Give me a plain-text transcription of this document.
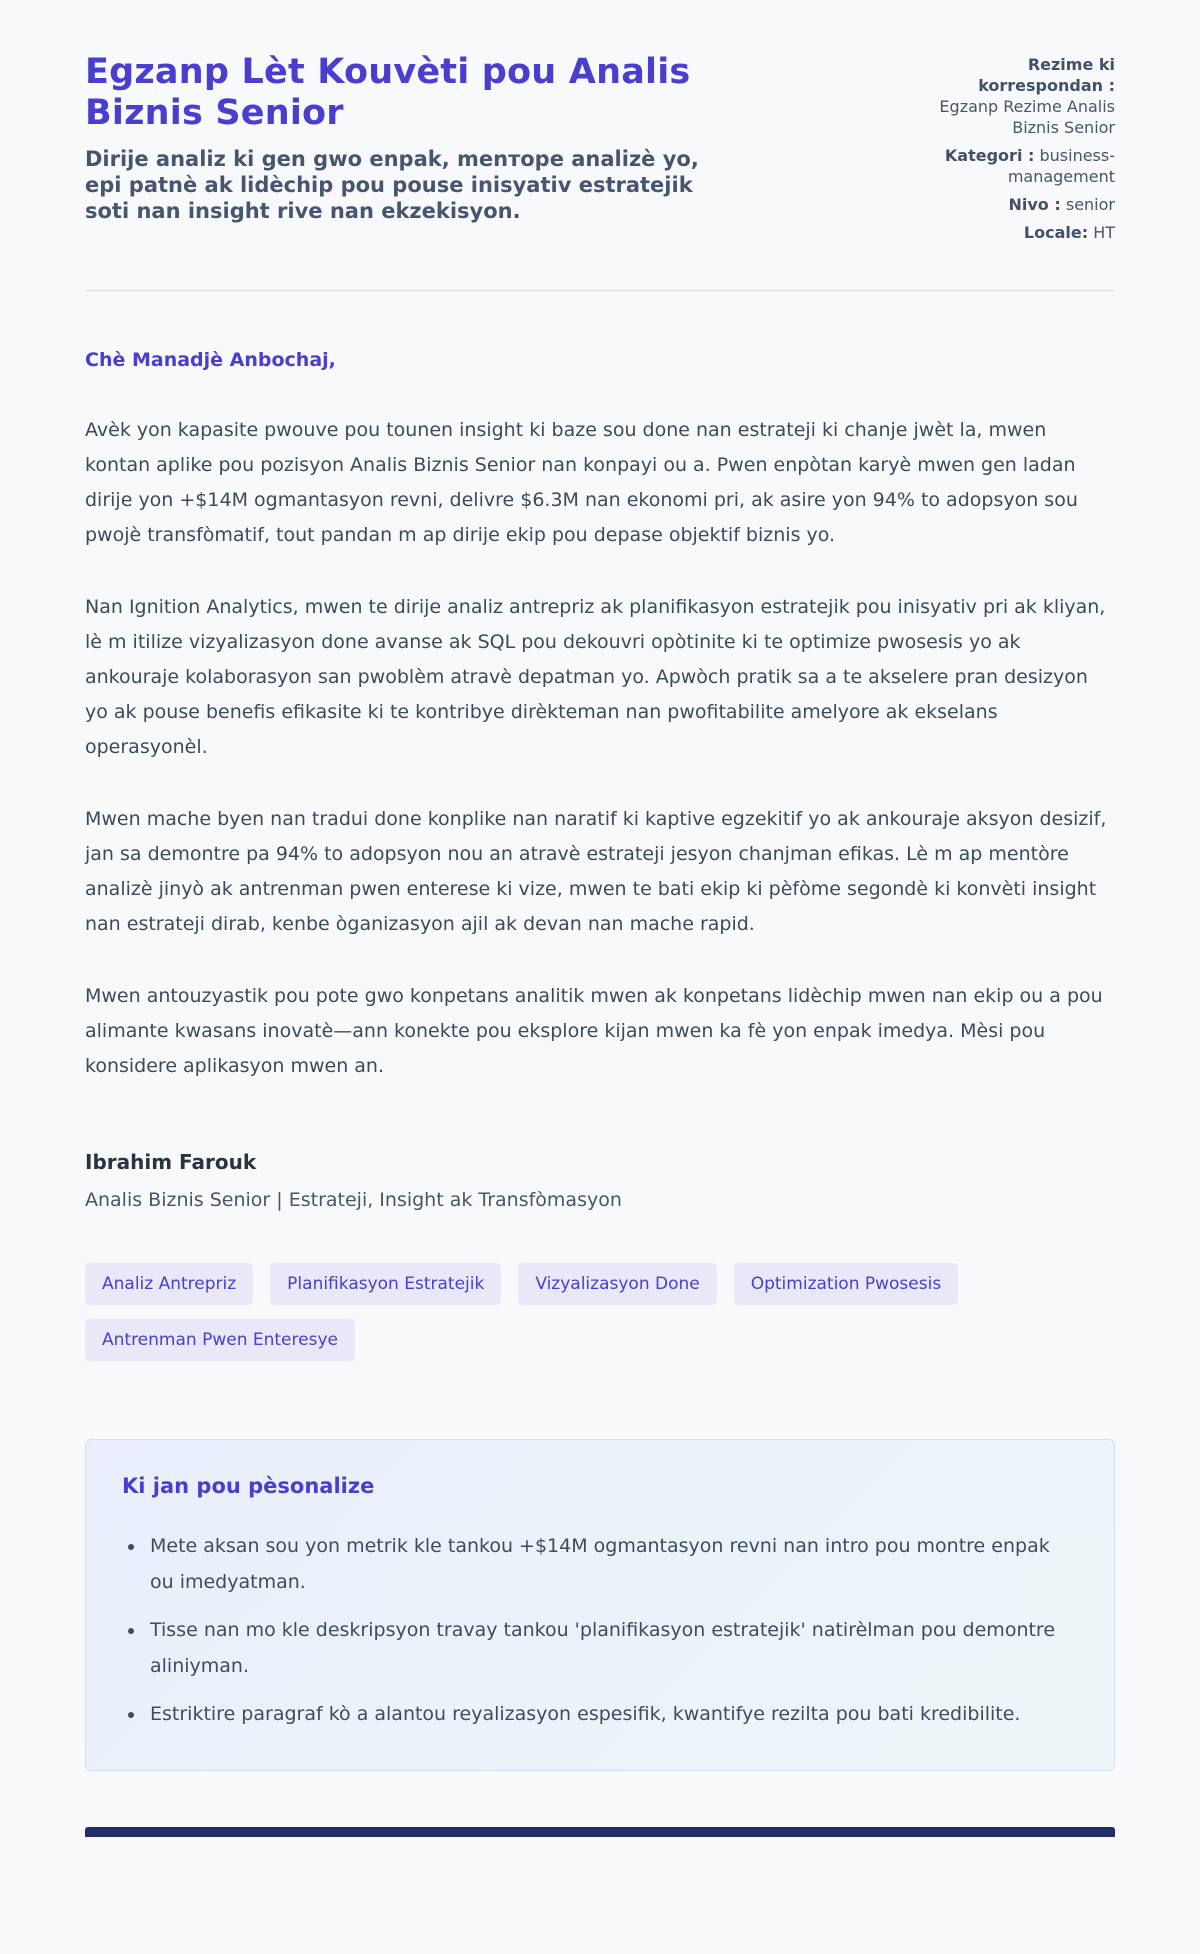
Egzanp Lèt Kouvèti pou Analis Biznis Senior

Dirije analiz ki gen gwo enpak, menтope analizè yo, epi patnè ak lidèchip pou pouse inisyativ estratejik soti nan insight rive nan ekzekisyon.

Rezime ki korrespondan : Egzanp Rezime Analis Biznis Senior
Kategori : business-management
Nivo : senior
Locale: HT

Chè Manadjè Anbochaj,

Avèk yon kapasite pwouve pou tounen insight ki baze sou done nan estrateji ki chanje jwèt la, mwen kontan aplike pou pozisyon Analis Biznis Senior nan konpayi ou a. Pwen enpòtan karyè mwen gen ladan dirije yon +$14M ogmantasyon revni, delivre $6.3M nan ekonomi pri, ak asire yon 94% to adopsyon sou pwojè transfòmatif, tout pandan m ap dirije ekip pou depase objektif biznis yo.

Nan Ignition Analytics, mwen te dirije analiz antrepriz ak planifikasyon estratejik pou inisyativ pri ak kliyan, lè m itilize vizyalizasyon done avanse ak SQL pou dekouvri opòtinite ki te optimize pwosesis yo ak ankouraje kolaborasyon san pwoblèm atravè depatman yo. Apwòch pratik sa a te akselere pran desizyon yo ak pouse benefis efikasite ki te kontribye dirèkteman nan pwofitabilite amelyore ak ekselans operasyonèl.

Mwen mache byen nan tradui done konplike nan naratif ki kaptive egzekitif yo ak ankouraje aksyon desizif, jan sa demontre pa 94% to adopsyon nou an atravè estrateji jesyon chanjman efikas. Lè m ap mentòre analizè jinyò ak antrenman pwen enterese ki vize, mwen te bati ekip ki pèfòme segondè ki konvèti insight nan estrateji dirab, kenbe òganizasyon ajil ak devan nan mache rapid.

Mwen antouzyastik pou pote gwo konpetans analitik mwen ak konpetans lidèchip mwen nan ekip ou a pou alimante kwasans inovatè—ann konekte pou eksplore kijan mwen ka fè yon enpak imedya. Mèsi pou konsidere aplikasyon mwen an.

Ibrahim Farouk

Analis Biznis Senior | Estrateji, Insight ak Transfòmasyon

Analiz Antrepriz	Planifikasyon Estratejik	Vizyalizasyon Done	Optimization Pwosesis
Antrenman Pwen Enteresye
Ki jan pou pèsonalize
• Mete aksan sou yon metrik kle tankou +$14M ogmantasyon revni nan intro pou montre enpak ou imedyatman.
• Tisse nan mo kle deskripsyon travay tankou 'planifikasyon estratejik' natirèlman pou demontre aliniyman.
• Estriktire paragraf kò a alantou reyalizasyon espesifik, kwantifye rezilta pou bati kredibilite.
